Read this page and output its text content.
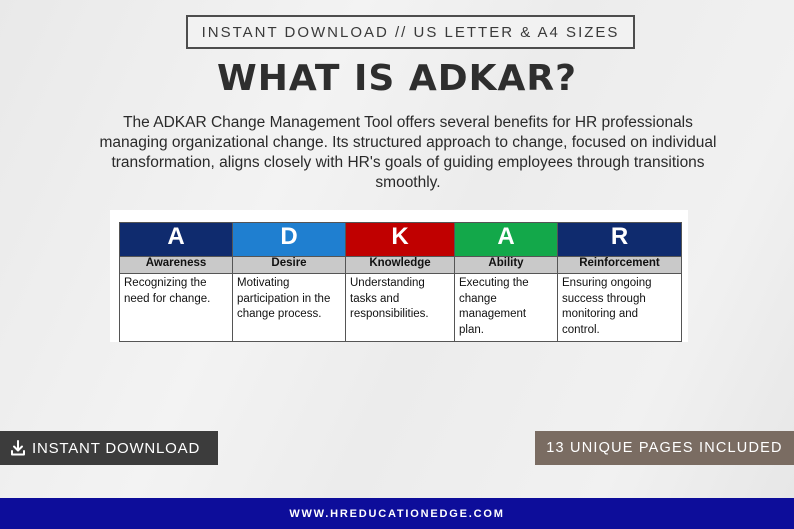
INSTANT DOWNLOAD // US LETTER & A4 SIZES
WHAT IS ADKAR?

The ADKAR Change Management Tool offers several benefits for HR professionals managing organizational change. Its structured approach to change, focused on individual transformation, aligns closely with HR's goals of guiding employees through transitions smoothly.

A	D	K	A	R
Awareness	Desire	Knowledge	Ability	Reinforcement
Recognizing the need for change.	Motivating participation in the change process.	Understanding tasks and responsibilities.	Executing the change management plan.	Ensuring ongoing success through monitoring and control.
INSTANT DOWNLOAD	13 UNIQUE PAGES INCLUDED
WWW.HREDUCATIONEDGE.COM
